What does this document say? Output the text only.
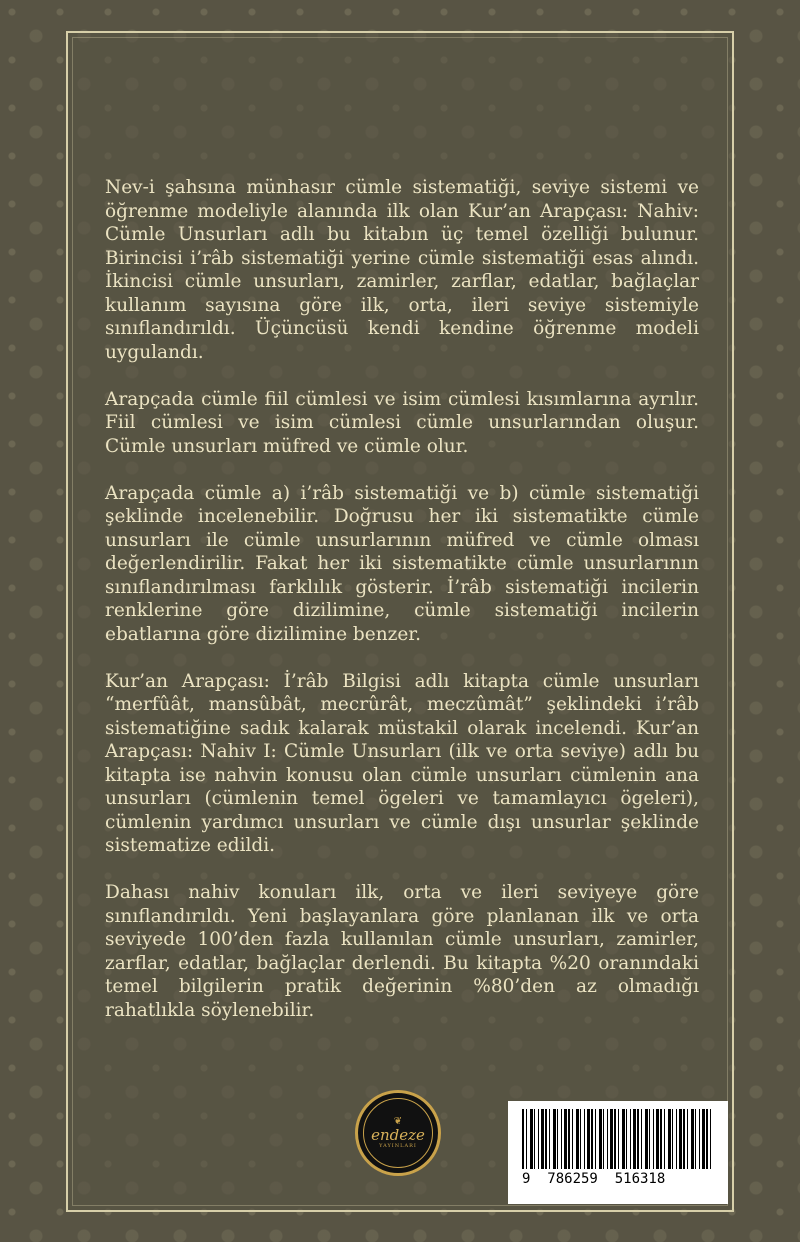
Nev-i şahsına münhasır cümle sistematiği, seviye sistemi ve öğrenme modeliyle alanında ilk olan Kur’an Arapçası: Nahiv: Cümle Unsurları adlı bu kitabın üç temel özelliği bulunur. Birincisi i’râb sistematiği yerine cümle sistematiği esas alındı. İkincisi cümle unsurları, zamirler, zarflar, edatlar, bağlaçlar kullanım sayısına göre ilk, orta, ileri seviye sistemiyle sınıflandırıldı. Üçüncüsü kendi kendine öğrenme modeli uygulandı.

Arapçada cümle fiil cümlesi ve isim cümlesi kısımlarına ayrılır. Fiil cümlesi ve isim cümlesi cümle unsurlarından oluşur. Cümle unsurları müfred ve cümle olur.

Arapçada cümle a) i’râb sistematiği ve b) cümle sistematiği şeklinde incelenebilir. Doğrusu her iki sistematikte cümle unsurları ile cümle unsurlarının müfred ve cümle olması değerlendirilir. Fakat her iki sistematikte cümle unsurlarının sınıflandırılması farklılık gösterir. İ’râb sistematiği incilerin renklerine göre dizilimine, cümle sistematiği incilerin ebatlarına göre dizilimine benzer.

Kur’an Arapçası: İ’râb Bilgisi adlı kitapta cümle unsurları “merfûât, mansûbât, mecrûrât, meczûmât” şeklindeki i’râb sistematiğine sadık kalarak müstakil olarak incelendi. Kur’an Arapçası: Nahiv I: Cümle Unsurları (ilk ve orta seviye) adlı bu kitapta ise nahvin konusu olan cümle unsurları cümlenin ana unsurları (cümlenin temel ögeleri ve tamamlayıcı ögeleri), cümlenin yardımcı unsurları ve cümle dışı unsurlar şeklinde sistematize edildi.

Dahası nahiv konuları ilk, orta ve ileri seviyeye göre sınıflandırıldı. Yeni başlayanlara göre planlanan ilk ve orta seviyede 100’den fazla kullanılan cümle unsurları, zamirler, zarflar, edatlar, bağlaçlar derlendi. Bu kitapta %20 oranındaki temel bilgilerin pratik değerinin %80’den az olmadığı rahatlıkla söylenebilir.

❦
endeze
YAYINLARI
9  786259  516318
